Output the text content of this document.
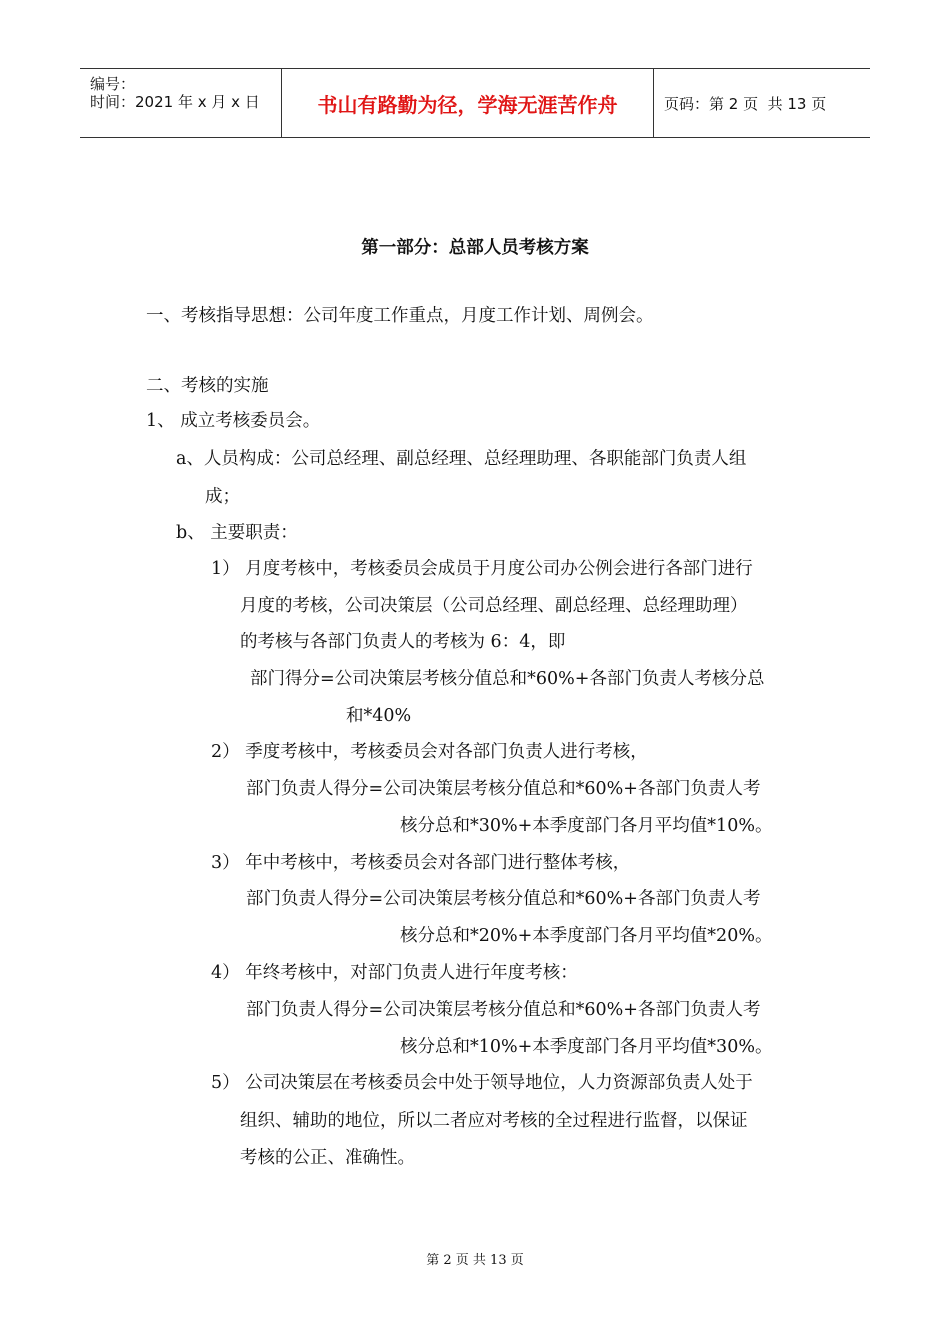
编号：
时间：2021 年 x 月 x 日	书山有路勤为径，学海无涯苦作舟	页码：第 2 页  共 13 页
第一部分：总部人员考核方案
一、考核指导思想：公司年度工作重点，月度工作计划、周例会。
二、考核的实施
1、 成立考核委员会。
a、人员构成：公司总经理、副总经理、总经理助理、各职能部门负责人组
成；
b、 主要职责：
1） 月度考核中，考核委员会成员于月度公司办公例会进行各部门进行
月度的考核，公司决策层（公司总经理、副总经理、总经理助理）
的考核与各部门负责人的考核为 6：4，即
部门得分=公司决策层考核分值总和*60%+各部门负责人考核分总
和*40%
2） 季度考核中，考核委员会对各部门负责人进行考核，
部门负责人得分=公司决策层考核分值总和*60%+各部门负责人考
核分总和*30%+本季度部门各月平均值*10%。
3） 年中考核中，考核委员会对各部门进行整体考核，
部门负责人得分=公司决策层考核分值总和*60%+各部门负责人考
核分总和*20%+本季度部门各月平均值*20%。
4） 年终考核中，对部门负责人进行年度考核：
部门负责人得分=公司决策层考核分值总和*60%+各部门负责人考
核分总和*10%+本季度部门各月平均值*30%。
5） 公司决策层在考核委员会中处于领导地位，人力资源部负责人处于
组织、辅助的地位，所以二者应对考核的全过程进行监督，以保证
考核的公正、准确性。
第 2 页 共 13 页
